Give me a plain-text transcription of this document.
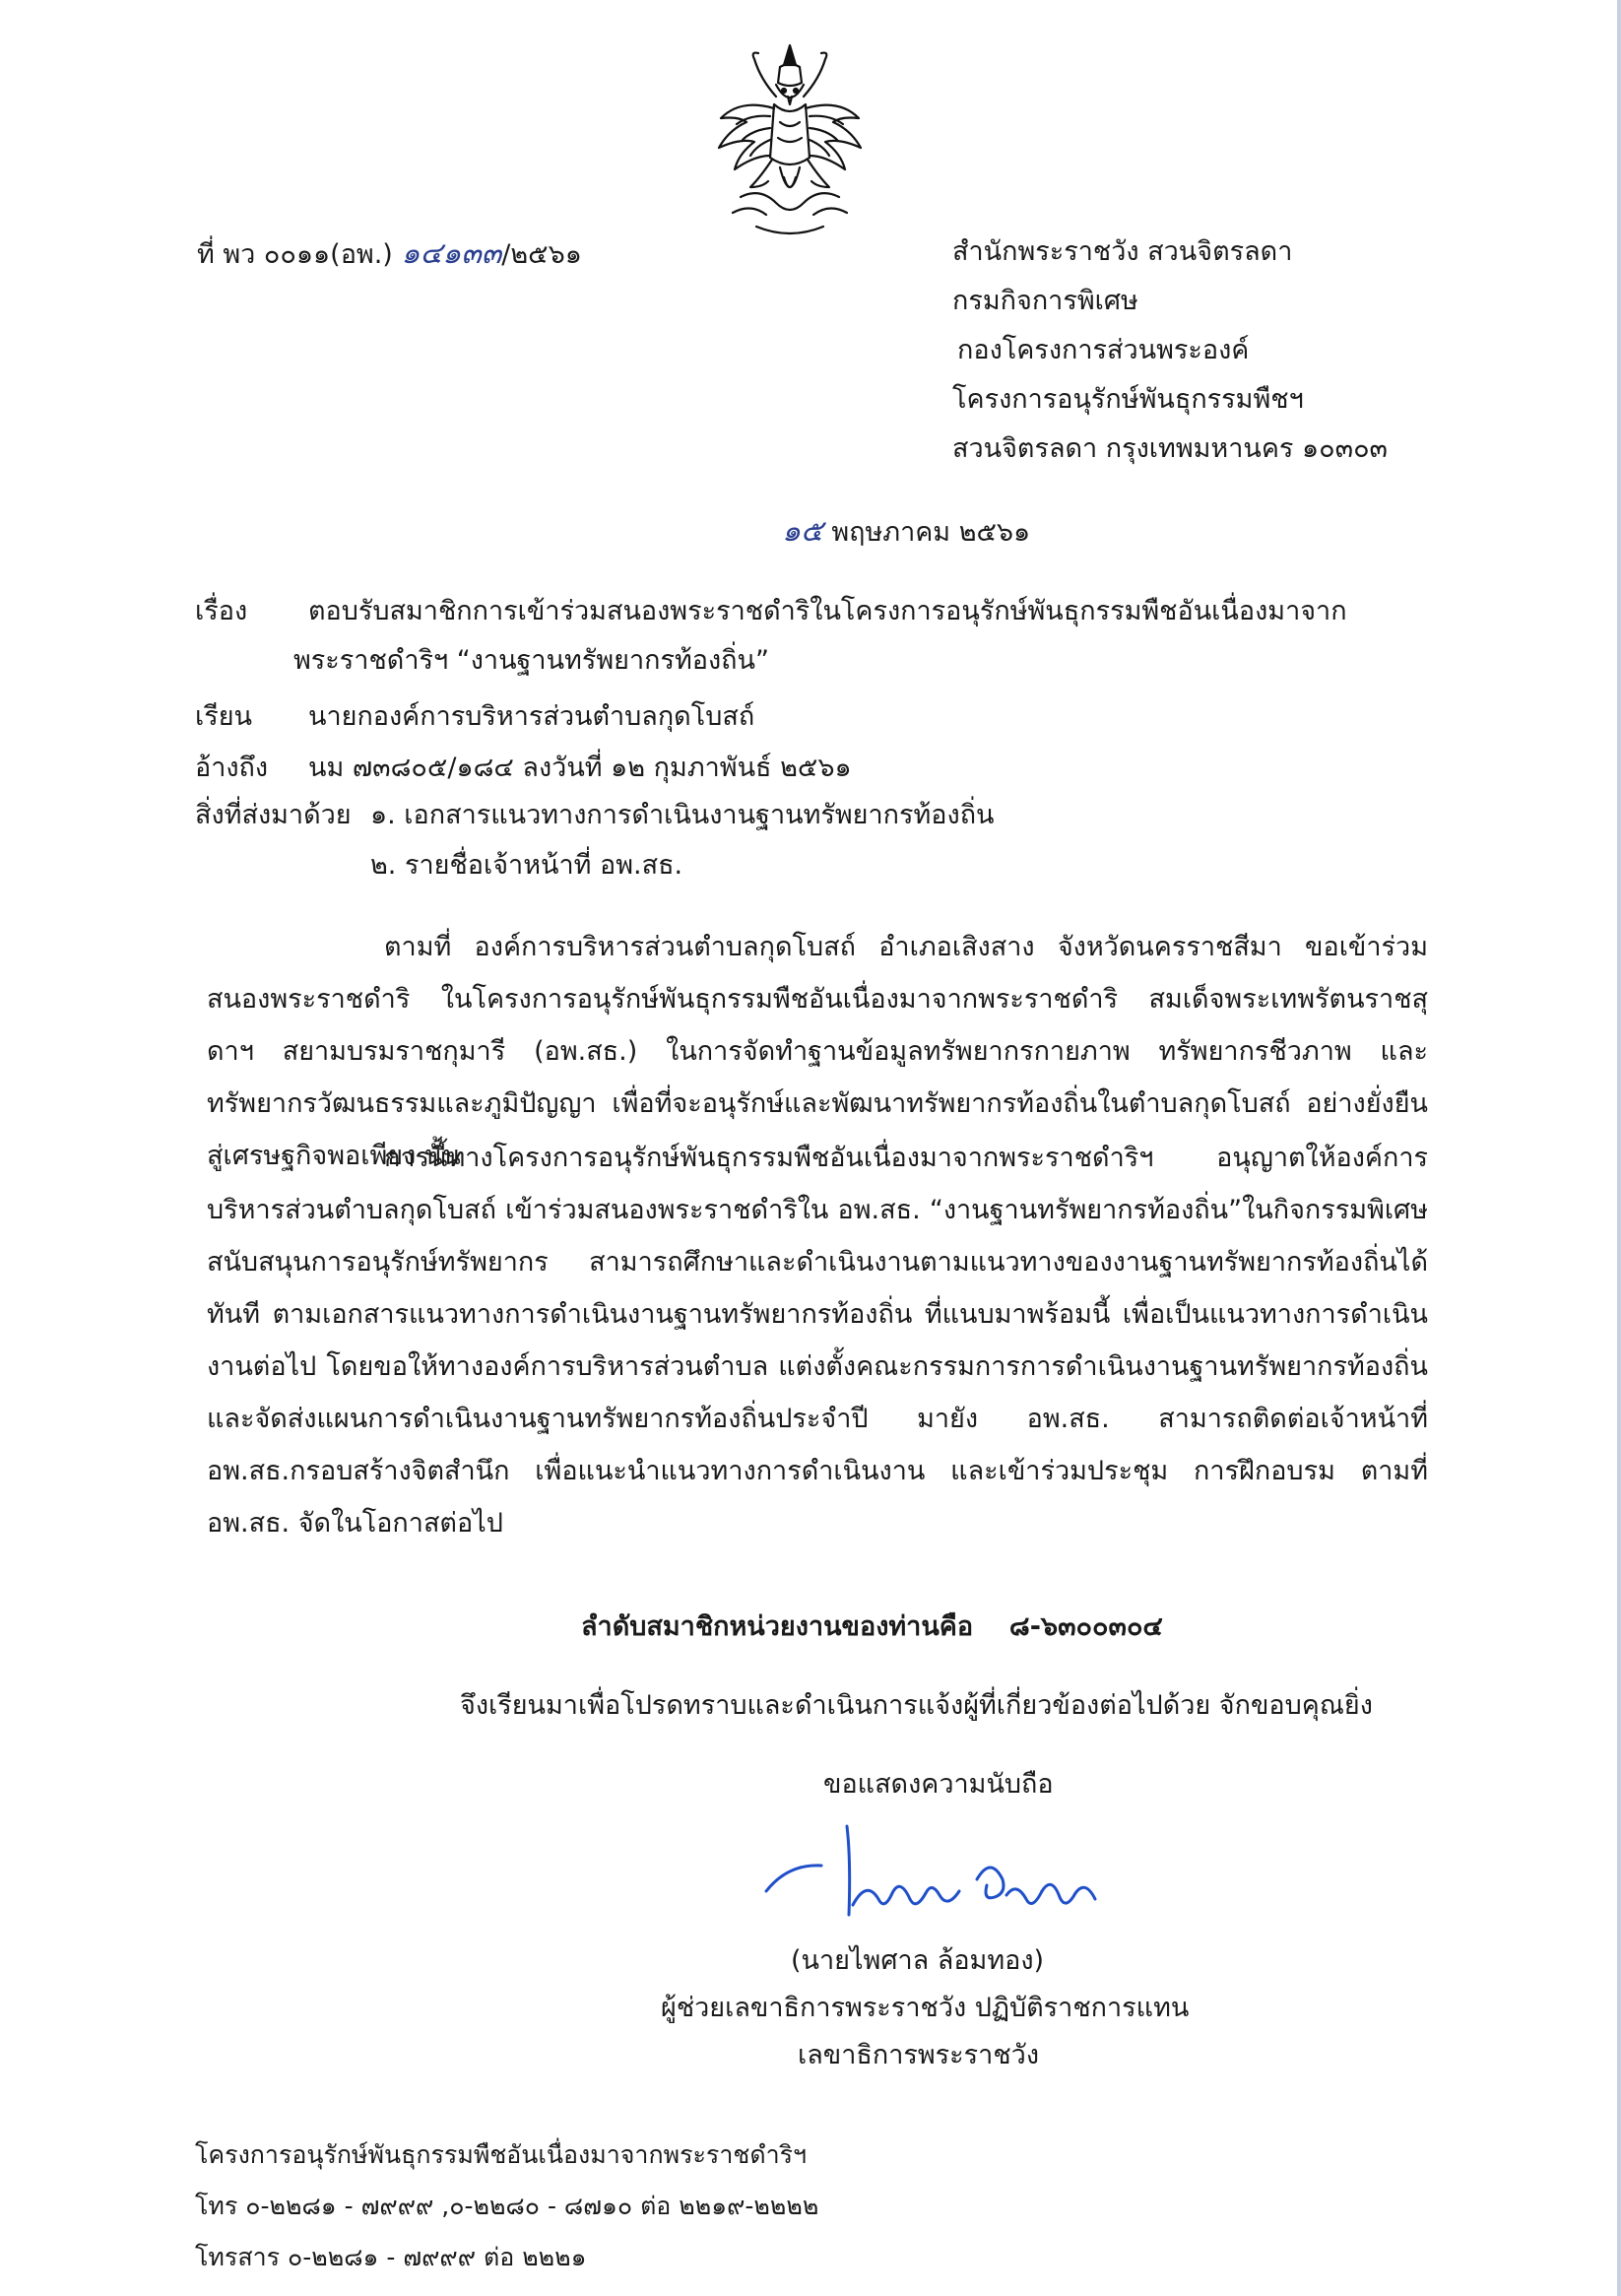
ที่ พว ๐๐๑๑(อพ.) ๑๔๑๓๓/๒๕๖๑	สำนักพระราชวัง สวนจิตรลดา
กรมกิจการพิเศษ
กองโครงการส่วนพระองค์
โครงการอนุรักษ์พันธุกรรมพืชฯ
สวนจิตรลดา กรุงเทพมหานคร ๑๐๓๐๓
๑๕ พฤษภาคม ๒๕๖๑
เรื่อง ตอบรับสมาชิกการเข้าร่วมสนองพระราชดำริในโครงการอนุรักษ์พันธุกรรมพืชอันเนื่องมาจาก
พระราชดำริฯ “งานฐานทรัพยากรท้องถิ่น”
เรียน นายกองค์การบริหารส่วนตำบลกุดโบสถ์
อ้างถึง นม ๗๓๘๐๕/๑๘๔ ลงวันที่ ๑๒ กุมภาพันธ์ ๒๕๖๑
สิ่งที่ส่งมาด้วย ๑. เอกสารแนวทางการดำเนินงานฐานทรัพยากรท้องถิ่น
๒. รายชื่อเจ้าหน้าที่ อพ.สธ.
ตามที่ องค์การบริหารส่วนตำบลกุดโบสถ์ อำเภอเสิงสาง จังหวัดนครราชสีมา ขอเข้าร่วมสนองพระราชดำริ ในโครงการอนุรักษ์พันธุกรรมพืชอันเนื่องมาจากพระราชดำริ สมเด็จพระเทพรัตนราชสุดาฯ สยามบรมราชกุมารี (อพ.สธ.) ในการจัดทำฐานข้อมูลทรัพยากรกายภาพ ทรัพยากรชีวภาพ และทรัพยากรวัฒนธรรมและภูมิปัญญา เพื่อที่จะอนุรักษ์และพัฒนาทรัพยากรท้องถิ่นในตำบลกุดโบสถ์ อย่างยั่งยืนสู่เศรษฐกิจพอเพียง นั้น
การนี้ทางโครงการอนุรักษ์พันธุกรรมพืชอันเนื่องมาจากพระราชดำริฯ อนุญาตให้องค์การบริหารส่วนตำบลกุดโบสถ์ เข้าร่วมสนองพระราชดำริใน อพ.สธ. “งานฐานทรัพยากรท้องถิ่น”ในกิจกรรมพิเศษ สนับสนุนการอนุรักษ์ทรัพยากร สามารถศึกษาและดำเนินงานตามแนวทางของงานฐานทรัพยากรท้องถิ่นได้ทันที ตามเอกสารแนวทางการดำเนินงานฐานทรัพยากรท้องถิ่น ที่แนบมาพร้อมนี้ เพื่อเป็นแนวทางการดำเนินงานต่อไป โดยขอให้ทางองค์การบริหารส่วนตำบล แต่งตั้งคณะกรรมการการดำเนินงานฐานทรัพยากรท้องถิ่นและจัดส่งแผนการดำเนินงานฐานทรัพยากรท้องถิ่นประจำปี มายัง อพ.สธ. สามารถติดต่อเจ้าหน้าที่ อพ.สธ.กรอบสร้างจิตสำนึก เพื่อแนะนำแนวทางการดำเนินงาน และเข้าร่วมประชุม การฝึกอบรม ตามที่ อพ.สธ. จัดในโอกาสต่อไป
ลำดับสมาชิกหน่วยงานของท่านคือ ๘-๖๓๐๐๓๐๔
จึงเรียนมาเพื่อโปรดทราบและดำเนินการแจ้งผู้ที่เกี่ยวข้องต่อไปด้วย จักขอบคุณยิ่ง
ขอแสดงความนับถือ
(นายไพศาล ล้อมทอง)
ผู้ช่วยเลขาธิการพระราชวัง ปฏิบัติราชการแทน
เลขาธิการพระราชวัง
โครงการอนุรักษ์พันธุกรรมพืชอันเนื่องมาจากพระราชดำริฯ
โทร ๐-๒๒๘๑ - ๗๙๙๙ ,๐-๒๒๘๐ - ๘๗๑๐ ต่อ ๒๒๑๙-๒๒๒๒
โทรสาร ๐-๒๒๘๑ - ๗๙๙๙ ต่อ ๒๒๒๑
